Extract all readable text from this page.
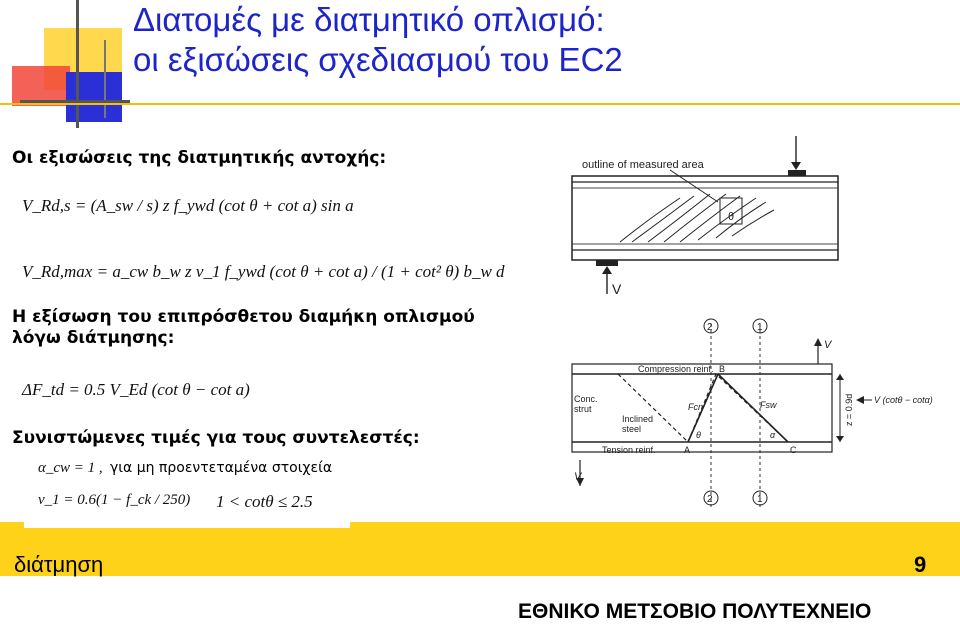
Διατομές με διατμητικό οπλισμό:
οι εξισώσεις σχεδιασμού του EC2
Οι εξισώσεις της διατμητικής αντοχής:
V_Rd,s = (A_sw / s) z f_ywd (cot θ + cot a) sin a
V_Rd,max = a_cw b_w z v_1 f_ywd (cot θ + cot a) / (1 + cot² θ) b_w d
Η εξίσωση του επιπρόσθετου διαμήκη οπλισμού
λόγω διάτμησης:
ΔF_td = 0.5 V_Ed (cot θ − cot a)
Συνιστώμενες τιμές για τους συντελεστές:
α_cw = 1 , για μη προεντεταμένα στοιχεία
ν_1 = 0.6(1 − f_ck / 250) 1 < cotθ ≤ 2.5
outline of measured area
θ
V
2	1
2	1
V
V
Compression reinf. B
Conc.
strut
Inclined
steel
Fcn	Fsw
θ	α
Tension reinf.	A	C
z = 0.9d V (cotθ − cotα)
διάτμηση	9
ΕΘΝΙΚΟ ΜΕΤΣΟΒΙΟ ΠΟΛΥΤΕΧΝΕΙΟ
